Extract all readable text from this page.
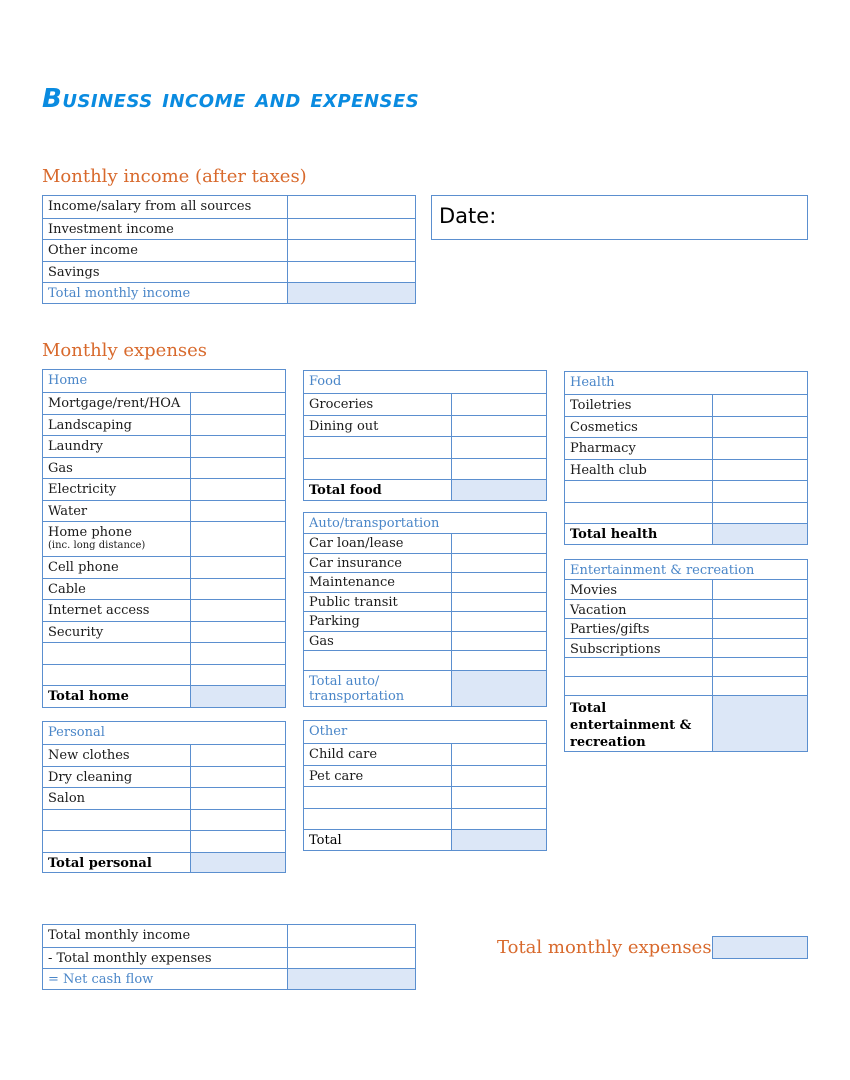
Business income and expenses
Monthly income (after taxes)
Income/salary from all sources
Investment income
Other income
Savings
Total monthly income
Date:
Monthly expenses
Home
Mortgage/rent/HOA
Landscaping
Laundry
Gas
Electricity
Water
Home phone
(inc. long distance)
Cell phone
Cable
Internet access
Security
Total home
Food
Groceries
Dining out
Total food
Auto/transportation
Car loan/lease
Car insurance
Maintenance
Public transit
Parking
Gas
Total auto/ transportation
Health
Toiletries
Cosmetics
Pharmacy
Health club
Total health
Entertainment & recreation
Movies
Vacation
Parties/gifts
Subscriptions
Total entertainment & recreation
Personal
New clothes
Dry cleaning
Salon
Total personal
Other
Child care
Pet care
Total
Total monthly income
- Total monthly expenses
= Net cash flow
Total monthly expenses
